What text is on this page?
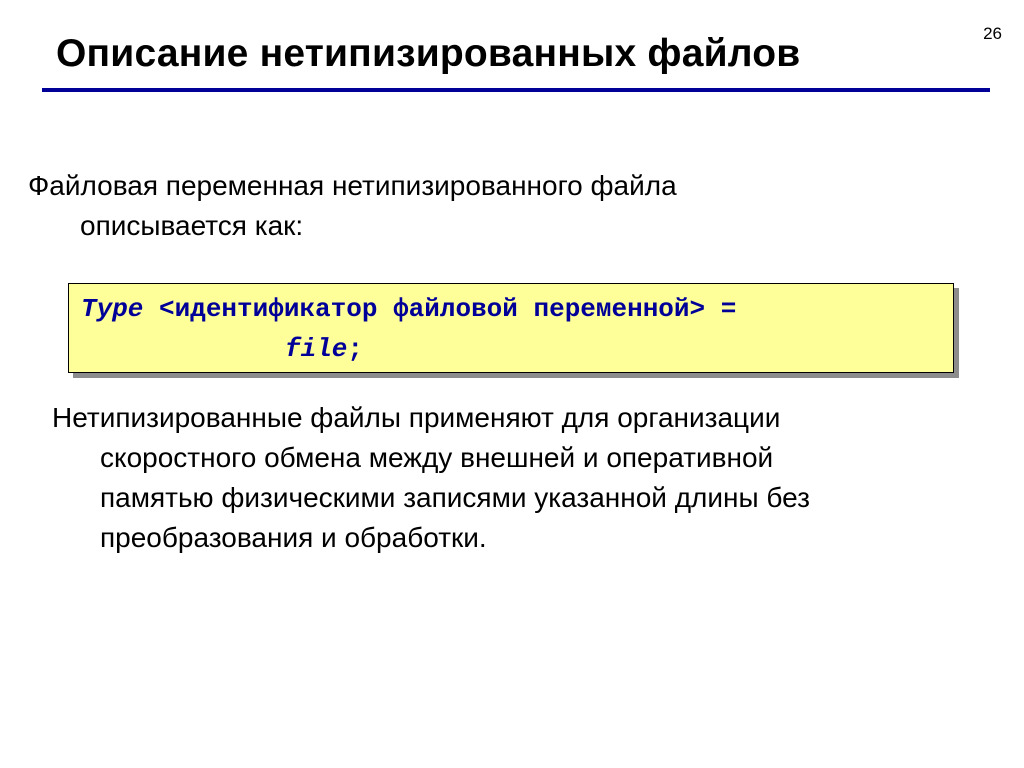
Описание нетипизированных файлов	26
Файловая переменная нетипизированного файла
описывается как:
Type <идентификатор файловой переменной> =
file;
Нетипизированные файлы применяют для организации
скоростного обмена между внешней и оперативной
памятью физическими записями указанной длины без
преобразования и обработки.
